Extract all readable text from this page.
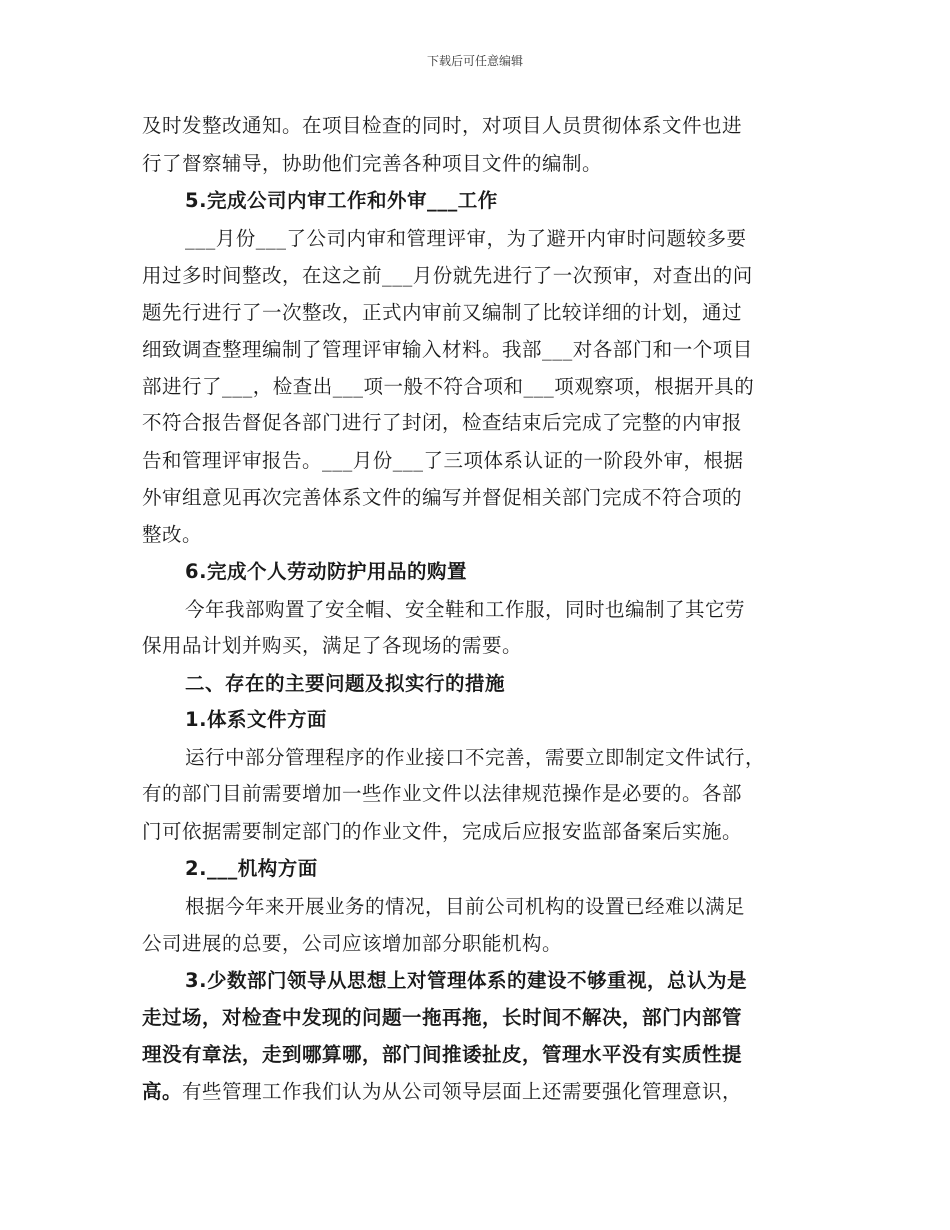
下载后可任意编辑
及时发整改通知。在项目检查的同时，对项目人员贯彻体系文件也进
行了督察辅导，协助他们完善各种项目文件的编制。
5.完成公司内审工作和外审___工作
___月份___了公司内审和管理评审，为了避开内审时问题较多要
用过多时间整改，在这之前___月份就先进行了一次预审，对查出的问
题先行进行了一次整改，正式内审前又编制了比较详细的计划，通过
细致调查整理编制了管理评审输入材料。我部___对各部门和一个项目
部进行了___，检查出___项一般不符合项和___项观察项，根据开具的
不符合报告督促各部门进行了封闭，检查结束后完成了完整的内审报
告和管理评审报告。___月份___了三项体系认证的一阶段外审，根据
外审组意见再次完善体系文件的编写并督促相关部门完成不符合项的
整改。
6.完成个人劳动防护用品的购置
今年我部购置了安全帽、安全鞋和工作服，同时也编制了其它劳
保用品计划并购买，满足了各现场的需要。
二、存在的主要问题及拟实行的措施
1.体系文件方面
运行中部分管理程序的作业接口不完善，需要立即制定文件试行，
有的部门目前需要增加一些作业文件以法律规范操作是必要的。各部
门可依据需要制定部门的作业文件，完成后应报安监部备案后实施。
2.___机构方面
根据今年来开展业务的情况，目前公司机构的设置已经难以满足
公司进展的总要，公司应该增加部分职能机构。
3.少数部门领导从思想上对管理体系的建设不够重视，总认为是
走过场，对检查中发现的问题一拖再拖，长时间不解决，部门内部管
理没有章法，走到哪算哪，部门间推诿扯皮，管理水平没有实质性提
高。有些管理工作我们认为从公司领导层面上还需要强化管理意识，
